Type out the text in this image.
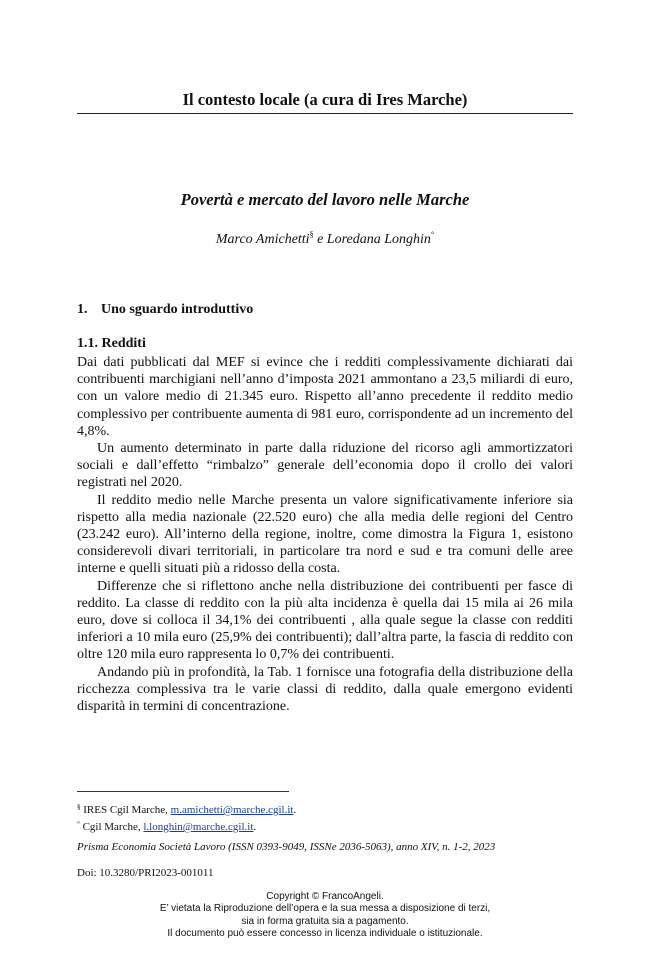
Il contesto locale (a cura di Ires Marche)
Povertà e mercato del lavoro nelle Marche
Marco Amichetti§ e Loredana Longhin°
1. Uno sguardo introduttivo
1.1. Redditi

Dai dati pubblicati dal MEF si evince che i redditi complessivamente dichiarati dai contribuenti marchigiani nell’anno d’imposta 2021 ammontano a 23,5 miliardi di euro, con un valore medio di 21.345 euro. Rispetto all’anno precedente il reddito medio complessivo per contribuente aumenta di 981 euro, corrispondente ad un incremento del 4,8%.

Un aumento determinato in parte dalla riduzione del ricorso agli ammortizzatori sociali e dall’effetto “rimbalzo” generale dell’economia dopo il crollo dei valori registrati nel 2020.

Il reddito medio nelle Marche presenta un valore significativamente inferiore sia rispetto alla media nazionale (22.520 euro) che alla media delle regioni del Centro (23.242 euro). All’interno della regione, inoltre, come dimostra la Figura 1, esistono considerevoli divari territoriali, in particolare tra nord e sud e tra comuni delle aree interne e quelli situati più a ridosso della costa.

Differenze che si riflettono anche nella distribuzione dei contribuenti per fasce di reddito. La classe di reddito con la più alta incidenza è quella dai 15 mila ai 26 mila euro, dove si colloca il 34,1% dei contribuenti , alla quale segue la classe con redditi inferiori a 10 mila euro (25,9% dei contribuenti); dall’altra parte, la fascia di reddito con oltre 120 mila euro rappresenta lo 0,7% dei contribuenti.

Andando più in profondità, la Tab. 1 fornisce una fotografia della distribuzione della ricchezza complessiva tra le varie classi di reddito, dalla quale emergono evidenti disparità in termini di concentrazione.

§ IRES Cgil Marche, m.amichetti@marche.cgil.it.
° Cgil Marche, l.longhin@marche.cgil.it.
Prisma Economia Società Lavoro (ISSN 0393-9049, ISSNe 2036-5063), anno XIV, n. 1-2, 2023
Doi: 10.3280/PRI2023-001011
Copyright © FrancoAngeli.
E’ vietata la Riproduzione dell’opera e la sua messa a disposizione di terzi,
sia in forma gratuita sia a pagamento.
Il documento può essere concesso in licenza individuale o istituzionale.
